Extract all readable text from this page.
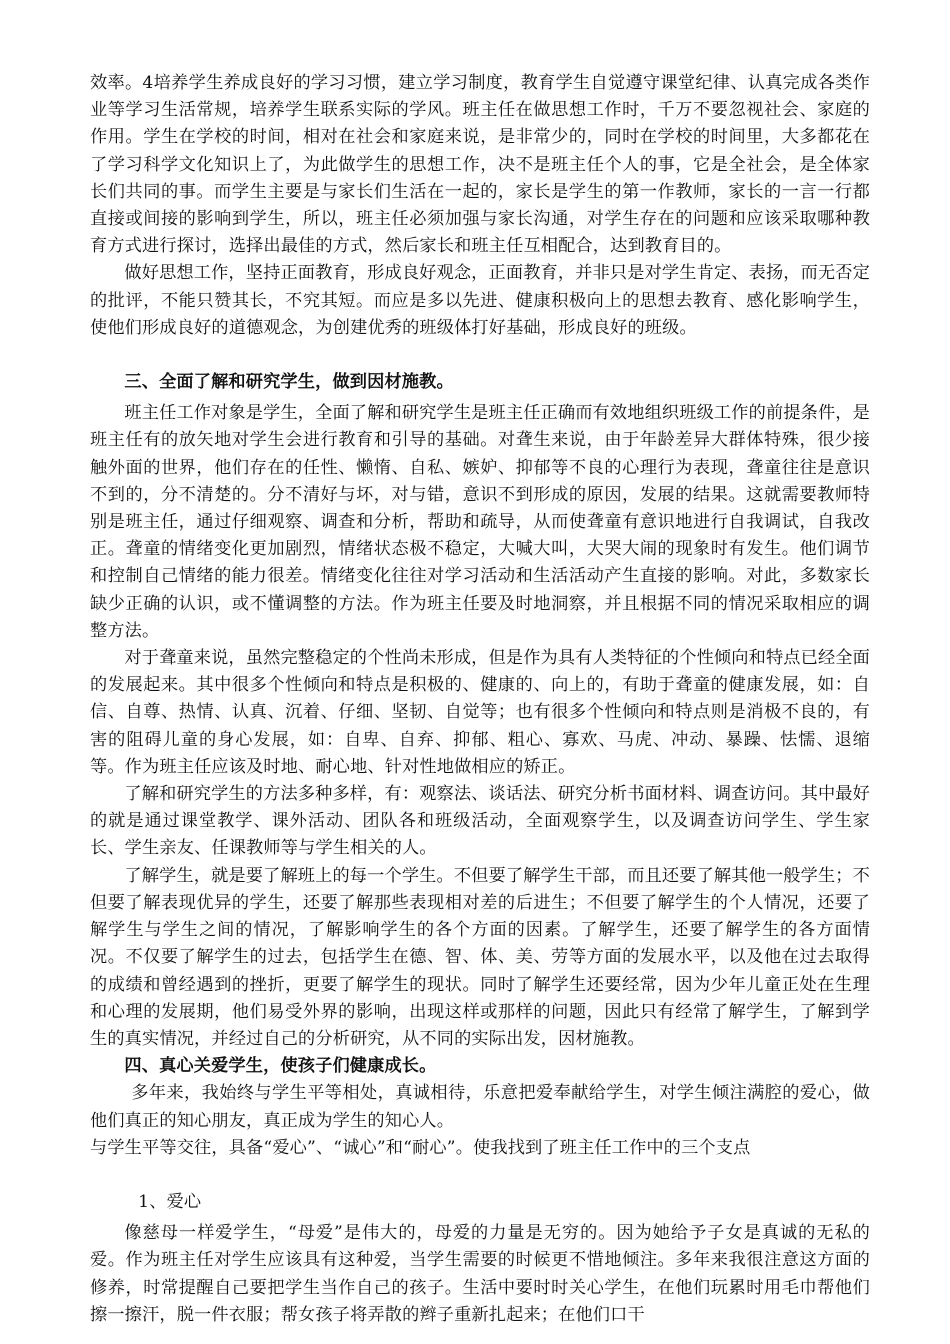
效率。4培养学生养成良好的学习习惯，建立学习制度，教育学生自觉遵守课堂纪律、认真完成各类作业等学习生活常规，培养学生联系实际的学风。班主任在做思想工作时，千万不要忽视社会、家庭的作用。学生在学校的时间，相对在社会和家庭来说，是非常少的，同时在学校的时间里，大多都花在了学习科学文化知识上了，为此做学生的思想工作，决不是班主任个人的事，它是全社会，是全体家长们共同的事。而学生主要是与家长们生活在一起的，家长是学生的第一作教师，家长的一言一行都直接或间接的影响到学生，所以，班主任必须加强与家长沟通，对学生存在的问题和应该采取哪种教育方式进行探讨，选择出最佳的方式，然后家长和班主任互相配合，达到教育目的。

做好思想工作，坚持正面教育，形成良好观念，正面教育，并非只是对学生肯定、表扬，而无否定的批评，不能只赞其长，不究其短。而应是多以先进、健康积极向上的思想去教育、感化影响学生，使他们形成良好的道德观念，为创建优秀的班级体打好基础，形成良好的班级。

三、全面了解和研究学生，做到因材施教。

班主任工作对象是学生，全面了解和研究学生是班主任正确而有效地组织班级工作的前提条件，是班主任有的放矢地对学生会进行教育和引导的基础。对聋生来说，由于年龄差异大群体特殊，很少接触外面的世界，他们存在的任性、懒惰、自私、嫉妒、抑郁等不良的心理行为表现，聋童往往是意识不到的，分不清楚的。分不清好与坏，对与错，意识不到形成的原因，发展的结果。这就需要教师特别是班主任，通过仔细观察、调查和分析，帮助和疏导，从而使聋童有意识地进行自我调试，自我改正。聋童的情绪变化更加剧烈，情绪状态极不稳定，大喊大叫，大哭大闹的现象时有发生。他们调节和控制自己情绪的能力很差。情绪变化往往对学习活动和生活活动产生直接的影响。对此，多数家长缺少正确的认识，或不懂调整的方法。作为班主任要及时地洞察，并且根据不同的情况采取相应的调整方法。

对于聋童来说，虽然完整稳定的个性尚未形成，但是作为具有人类特征的个性倾向和特点已经全面的发展起来。其中很多个性倾向和特点是积极的、健康的、向上的，有助于聋童的健康发展，如：自信、自尊、热情、认真、沉着、仔细、坚韧、自觉等；也有很多个性倾向和特点则是消极不良的，有害的阻碍儿童的身心发展，如：自卑、自弃、抑郁、粗心、寡欢、马虎、冲动、暴躁、怯懦、退缩等。作为班主任应该及时地、耐心地、针对性地做相应的矫正。

了解和研究学生的方法多种多样，有：观察法、谈话法、研究分析书面材料、调查访问。其中最好的就是通过课堂教学、课外活动、团队各和班级活动，全面观察学生，以及调查访问学生、学生家长、学生亲友、任课教师等与学生相关的人。

了解学生，就是要了解班上的每一个学生。不但要了解学生干部，而且还要了解其他一般学生；不但要了解表现优异的学生，还要了解那些表现相对差的后进生；不但要了解学生的个人情况，还要了解学生与学生之间的情况，了解影响学生的各个方面的因素。了解学生，还要了解学生的各方面情况。不仅要了解学生的过去，包括学生在德、智、体、美、劳等方面的发展水平，以及他在过去取得的成绩和曾经遇到的挫折，更要了解学生的现状。同时了解学生还要经常，因为少年儿童正处在生理和心理的发展期，他们易受外界的影响，出现这样或那样的问题，因此只有经常了解学生，了解到学生的真实情况，并经过自己的分析研究，从不同的实际出发，因材施教。

四、真心关爱学生，使孩子们健康成长。

多年来，我始终与学生平等相处，真诚相待，乐意把爱奉献给学生，对学生倾注满腔的爱心，做他们真正的知心朋友，真正成为学生的知心人。

与学生平等交往，具备“爱心”、“诚心”和“耐心”。使我找到了班主任工作中的三个支点

1、爱心

像慈母一样爱学生，“母爱”是伟大的，母爱的力量是无穷的。因为她给予子女是真诚的无私的爱。作为班主任对学生应该具有这种爱，当学生需要的时候更不惜地倾注。多年来我很注意这方面的修养，时常提醒自己要把学生当作自己的孩子。生活中要时时关心学生，在他们玩累时用毛巾帮他们擦一擦汗，脱一件衣服；帮女孩子将弄散的辫子重新扎起来；在他们口干
